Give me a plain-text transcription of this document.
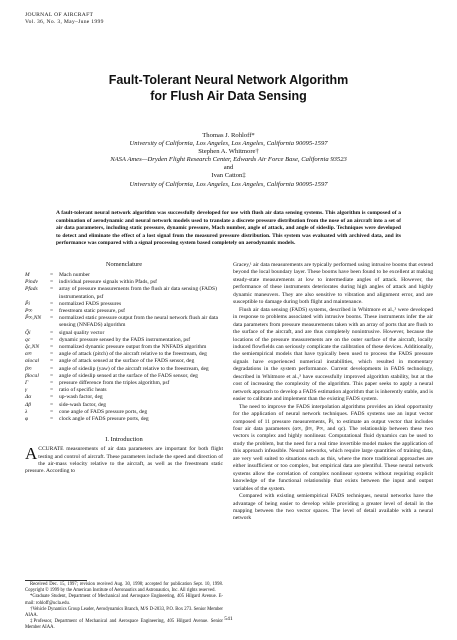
JOURNAL OF AIRCRAFT
Vol. 36, No. 3, May–June 1999
Fault-Tolerant Neural Network Algorithm
for Flush Air Data Sensing
Thomas J. Rohloff*
University of California, Los Angeles, Los Angeles, California 90095-1597
Stephen A. Whitmore†
NASA Ames—Dryden Flight Research Center, Edwards Air Force Base, California 93523
and
Ivan Catton‡
University of California, Los Angeles, Los Angeles, California 90095-1597
A fault-tolerant neural network algorithm was successfully developed for use with flush air data sensing systems. This algorithm is composed of a combination of aerodynamic and neural network models used to translate a discrete pressure distribution from the nose of an aircraft into a set of air data parameters, including static pressure, dynamic pressure, Mach number, angle of attack, and angle of sideslip. Techniques were developed to detect and eliminate the effect of a lost signal from the measured pressure distribution. This system was evaluated with archived data, and its performance was compared with a signal processing system based completely on aerodynamic models.
Nomenclature
M	=	Mach number
Pindv	=	individual pressure signals within Pfads, psf
Pfads	=	array of pressure measurements from the flush air data sensing (FADS) instrumentation, psf
P̃i	=	normalized FADS pressures
P∞	=	freestream static pressure, psf
P̃∞,NN	=	normalized static pressure output from the neural network flush air data sensing (NNFADS) algorithm
Q̃i	=	signal quality vector
qc	=	dynamic pressure sensed by the FADS instrumentation, psf
q̃c,NN	=	normalized dynamic pressure output from the NNFADS algorithm
α∞	=	angle of attack (pitch) of the aircraft relative to the freestream, deg
αlocal	=	angle of attack sensed at the surface of the FADS sensor, deg
β∞	=	angle of sideslip (yaw) of the aircraft relative to the freestream, deg
βlocal	=	angle of sideslip sensed at the surface of the FADS sensor, deg
Γ	=	pressure difference from the triples algorithm, psf
γ	=	ratio of specific heats
Δα	=	up-wash factor, deg
Δβ	=	side-wash factor, deg
λ	=	cone angle of FADS pressure ports, deg
φ	=	clock angle of FADS pressure ports, deg
I. Introduction
ACCURATE measurements of air data parameters are important for both flight testing and control of aircraft. These parameters include the speed and direction of the air-mass velocity relative to the aircraft, as well as the freestream static pressure. According to

Received Dec. 15, 1997; revision received Aug. 30, 1998; accepted for publication Sept. 10, 1998. Copyright © 1999 by the American Institute of Aeronautics and Astronautics, Inc. All rights reserved.

*Graduate Student, Department of Mechanical and Aerospace Engineering, 405 Hilgard Avenue. E-mail: rohloff@ucla.edu.

†Vehicle Dynamics Group Leader, Aerodynamics Branch, M/S D-2033, P.O. Box 273. Senior Member AIAA.

‡Professor, Department of Mechanical and Aerospace Engineering, 405 Hilgard Avenue. Senior Member AIAA.

Gracey,¹ air data measurements are typically performed using intrusive booms that extend beyond the local boundary layer. These booms have been found to be excellent at making steady-state measurements at low to intermediate angles of attack. However, the performance of these instruments deteriorates during high angles of attack and highly dynamic maneuvers. They are also sensitive to vibration and alignment error, and are susceptible to damage during both flight and maintenance.

Flush air data sensing (FADS) systems, described in Whitmore et al.,² were developed in response to problems associated with intrusive booms. These instruments infer the air data parameters from pressure measurements taken with an array of ports that are flush to the surface of the aircraft, and are thus completely nonintrusive. However, because the locations of the pressure measurements are on the outer surface of the aircraft, locally induced flowfields can seriously complicate the calibration of these devices. Additionally, the semiempirical models that have typically been used to process the FADS pressure signals have experienced numerical instabilities, which resulted in momentary degradations in the system performance. Current developments in FADS technology, described in Whitmore et al.,³ have successfully improved algorithm stability, but at the cost of increasing the complexity of the algorithm. This paper seeks to apply a neural network approach to develop a FADS estimation algorithm that is inherently stable, and is easier to calibrate and implement than the existing FADS system.

The need to improve the FADS interpolation algorithms provides an ideal opportunity for the application of neural network techniques. FADS systems use an input vector composed of 11 pressure measurements, P̃i, to estimate an output vector that includes four air data parameters (α∞, β∞, P∞, and qc). The relationship between these two vectors is complex and highly nonlinear. Computational fluid dynamics can be used to study the problem, but the need for a real time invertible model makes the application of this approach infeasible. Neural networks, which require large quantities of training data, are very well suited to situations such as this, where the more traditional approaches are either insufficient or too complex, but empirical data are plentiful. These neural network systems allow the correlation of complex nonlinear systems without requiring explicit knowledge of the functional relationship that exists between the input and output variables of the system.

Compared with existing semiempirical FADS techniques, neural networks have the advantage of being easier to develop while providing a greater level of detail in the mapping between the two vector spaces. The level of detail available with a neural network

541
